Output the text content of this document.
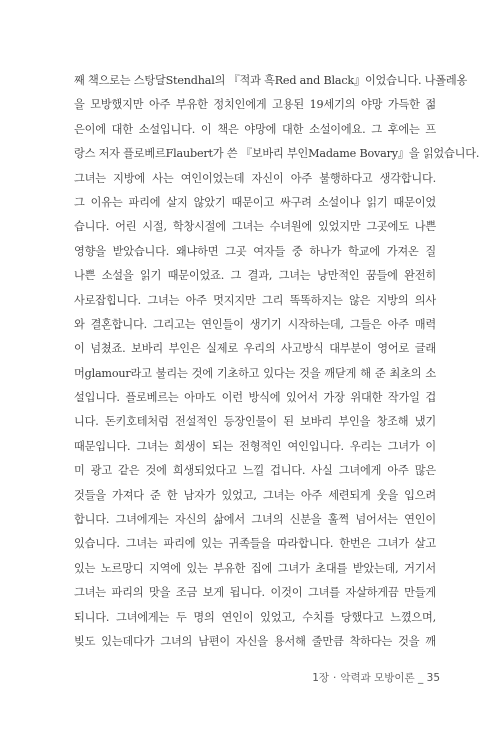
째 책으로는 스탕달Stendhal의 『적과 흑Red and Black』이었습니다. 나폴레옹
을 모방했지만 아주 부유한 정치인에게 고용된 19세기의 야망 가득한 젊
은이에 대한 소설입니다. 이 책은 야망에 대한 소설이에요. 그 후에는 프
랑스 저자 플로베르Flaubert가 쓴 『보바리 부인Madame Bovary』을 읽었습니다.
그녀는 지방에 사는 여인이었는데 자신이 아주 불행하다고 생각합니다.
그 이유는 파리에 살지 않았기 때문이고 싸구려 소설이나 읽기 때문이었
습니다. 어린 시절, 학창시절에 그녀는 수녀원에 있었지만 그곳에도 나쁜
영향을 받았습니다. 왜냐하면 그곳 여자들 중 하나가 학교에 가져온 질
나쁜 소설을 읽기 때문이었죠. 그 결과, 그녀는 낭만적인 꿈들에 완전히
사로잡힙니다. 그녀는 아주 멋지지만 그리 똑똑하지는 않은 지방의 의사
와 결혼합니다. 그리고는 연인들이 생기기 시작하는데, 그들은 아주 매력
이 넘쳤죠. 보바리 부인은 실제로 우리의 사고방식 대부분이 영어로 글래
머glamour라고 불리는 것에 기초하고 있다는 것을 깨닫게 해 준 최초의 소
설입니다. 플로베르는 아마도 이런 방식에 있어서 가장 위대한 작가일 겁
니다. 돈키호테처럼 전설적인 등장인물이 된 보바리 부인을 창조해 냈기
때문입니다. 그녀는 희생이 되는 전형적인 여인입니다. 우리는 그녀가 이
미 광고 같은 것에 희생되었다고 느낄 겁니다. 사실 그녀에게 아주 많은
것들을 가져다 준 한 남자가 있었고, 그녀는 아주 세련되게 웃을 입으려
합니다. 그녀에게는 자신의 삶에서 그녀의 신분을 훌쩍 넘어서는 연인이
있습니다. 그녀는 파리에 있는 귀족들을 따라합니다. 한번은 그녀가 살고
있는 노르망디 지역에 있는 부유한 집에 그녀가 초대를 받았는데, 거기서
그녀는 파리의 맛을 조금 보게 됩니다. 이것이 그녀를 자살하게끔 만들게
되니다. 그녀에게는 두 명의 연인이 있었고, 수치를 당했다고 느꼈으며,
빚도 있는데다가 그녀의 남편이 자신을 용서해 줄만큼 착하다는 것을 깨
1장 · 악력과 모방이론 _ 35
